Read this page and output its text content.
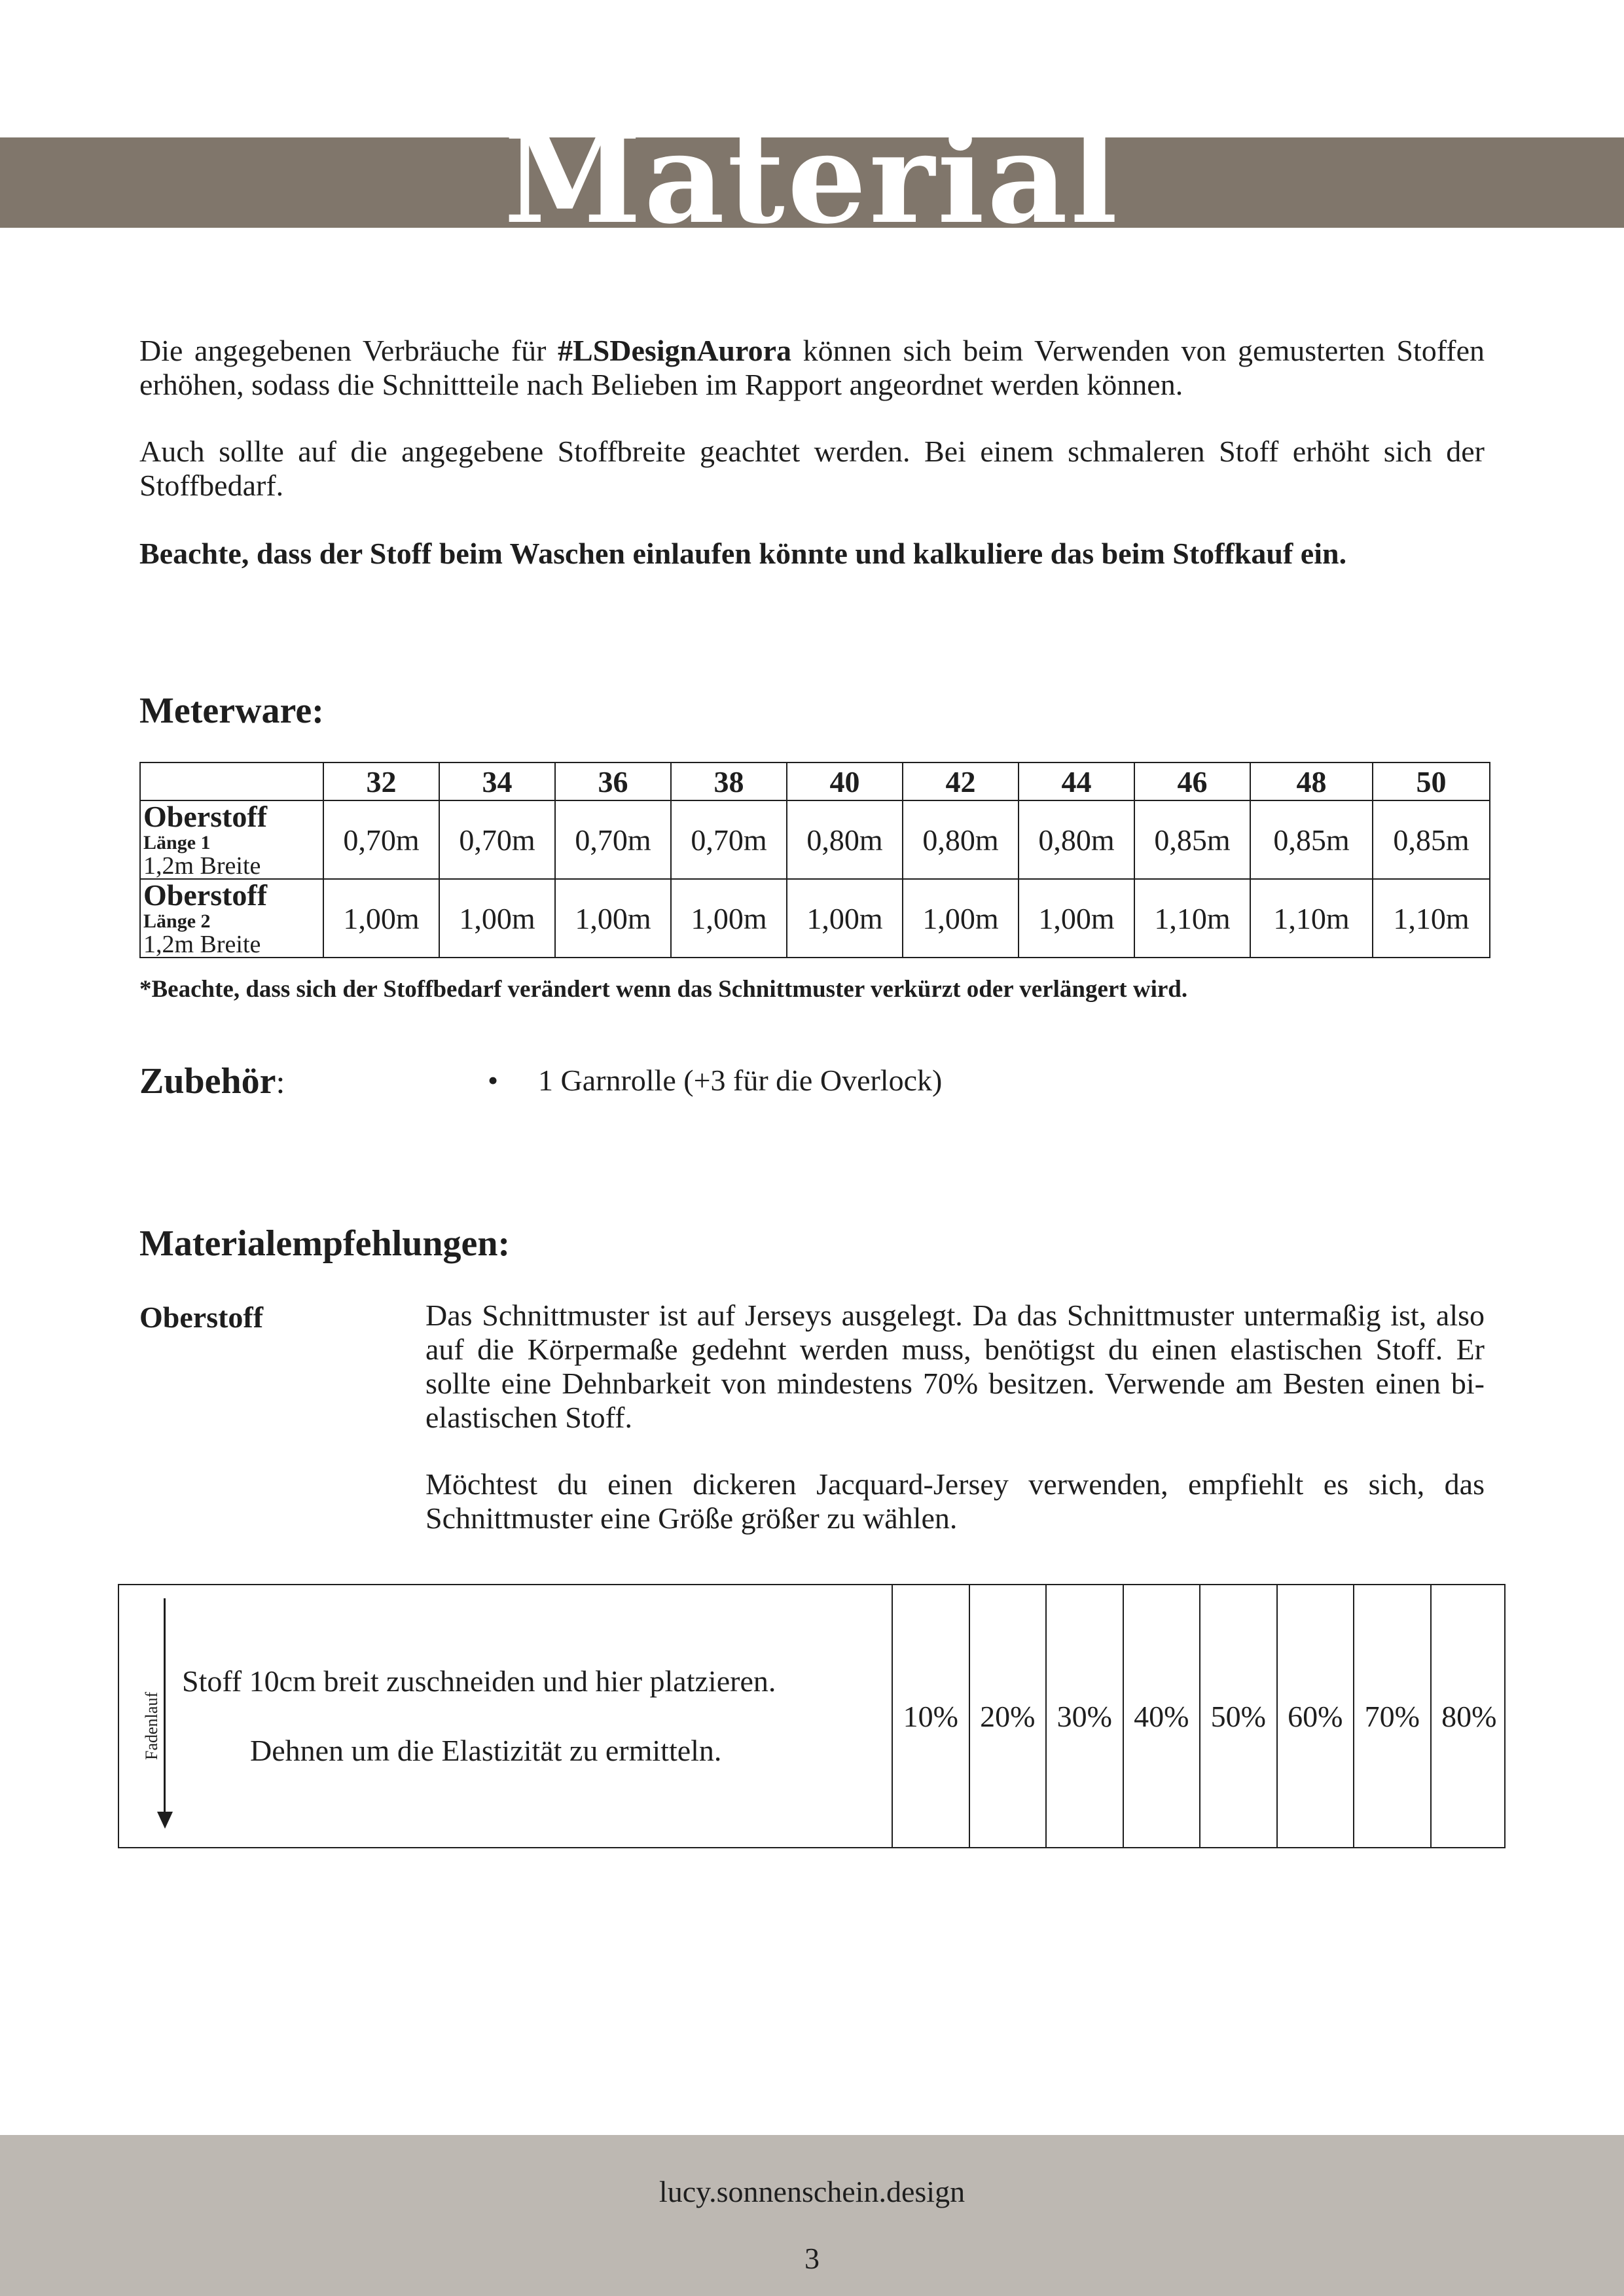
Material

Die angegebenen Verbräuche für #LSDesignAurora können sich beim Verwenden von gemusterten Stoffen erhöhen, sodass die Schnittteile nach Belieben im Rapport angeordnet werden können.

Auch sollte auf die angegebene Stoffbreite geachtet werden. Bei einem schmaleren Stoff erhöht sich der Stoffbedarf.

Beachte, dass der Stoff beim Waschen einlaufen könnte und kalkuliere das beim Stoffkauf ein.

Meterware:
	32	34	36	38	40	42	44	46	48	50

Oberstoff
Länge 1
1,2m Breite	0,70m	0,70m	0,70m	0,70m	0,80m	0,80m	0,80m	0,85m	0,85m	0,85m

Oberstoff
Länge 2
1,2m Breite	1,00m	1,00m	1,00m	1,00m	1,00m	1,00m	1,00m	1,10m	1,10m	1,10m
*Beachte, dass sich der Stoffbedarf verändert wenn das Schnittmuster verkürzt oder verlängert wird.
Zubehör:	• 1 Garnrolle (+3 für die Overlock)
Materialempfehlungen:
Oberstoff	Das Schnittmuster ist auf Jerseys ausgelegt. Da das Schnittmuster untermaßig ist, also auf die Körpermaße gedehnt werden muss, benötigst du einen elastischen Stoff. Er sollte eine Dehnbarkeit von mindestens 70% besitzen. Verwende am Besten einen bi-elastischen Stoff.

Möchtest du einen dickeren Jacquard-Jersey verwenden, empfiehlt es sich, das Schnittmuster eine Größe größer zu wählen.

Fadenlauf
Stoff 10cm breit zuschneiden und hier platzieren.
Dehnen um die Elastizität zu ermitteln.
10% 20% 30% 40% 50% 60% 70% 80%
lucy.sonnenschein.design
3
